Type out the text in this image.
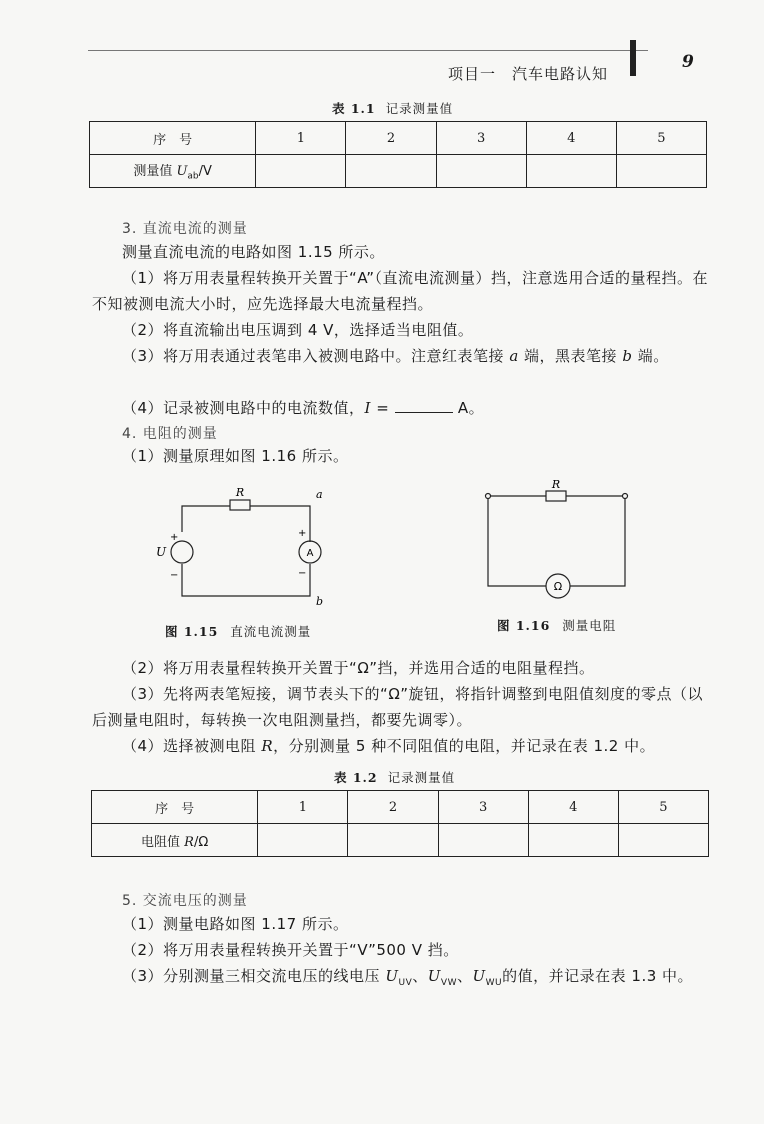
项目一　汽车电路认知
9
表 1.1 记录测量值
序　号	1	2	3	4	5
测量值 $U_{ab}/V$					
3. 直流电流的测量
测量直流电流的电路如图 1.15 所示。
（1）将万用表量程转换开关置于“A”（直流电流测量）挡，注意选用合适的量程挡。在不知被测电流大小时，应先选择最大电流量程挡。
（2）将直流输出电压调到 4 V，选择适当电阻值。
（3）将万用表通过表笔串入被测电路中。注意红表笔接 a 端，黑表笔接 b 端。
（4）记录被测电路中的电流数值，I =	A。
4. 电阻的测量
（1）测量原理如图 1.16 所示。
R	a
b
U
+
−
A
+
−
图 1.15 直流电流测量
R
Ω
图 1.16 测量电阻
（2）将万用表量程转换开关置于“Ω”挡，并选用合适的电阻量程挡。
（3）先将两表笔短接，调节表头下的“Ω”旋钮，将指针调整到电阻值刻度的零点（以后测量电阻时，每转换一次电阻测量挡，都要先调零）。
（4）选择被测电阻 R，分别测量 5 种不同阻值的电阻，并记录在表 1.2 中。
表 1.2 记录测量值
序　号	1	2	3	4	5
电阻值 R/Ω					
5. 交流电压的测量
（1）测量电路如图 1.17 所示。
（2）将万用表量程转换开关置于“V”500 V 挡。
（3）分别测量三相交流电压的线电压 $U_{UV}$、$U_{VW}$、$U_{WU}$的值，并记录在表 1.3 中。
